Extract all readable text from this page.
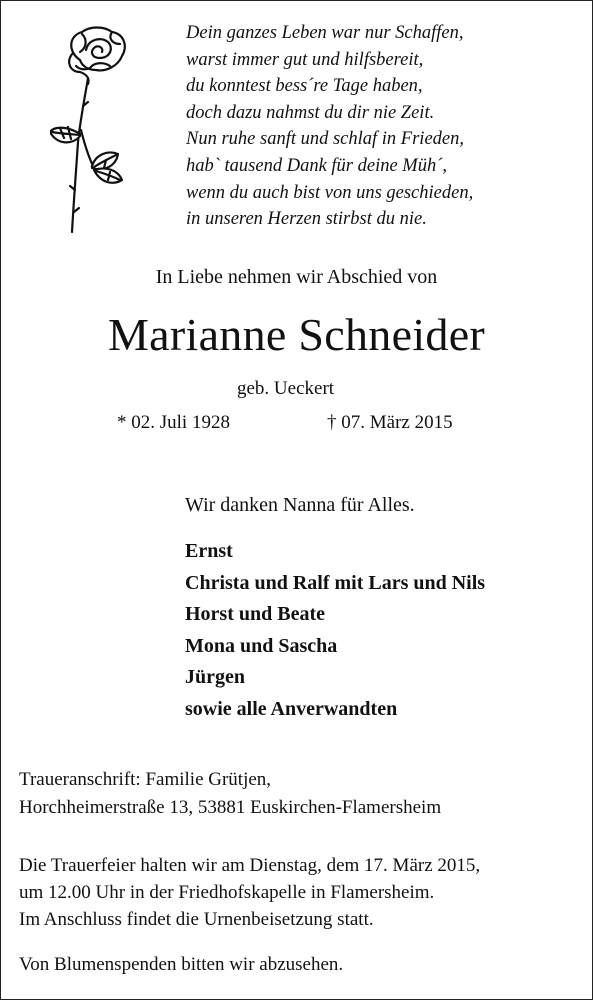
Dein ganzes Leben war nur Schaffen,
warst immer gut und hilfsbereit,
du konntest bess´re Tage haben,
doch dazu nahmst du dir nie Zeit.
Nun ruhe sanft und schlaf in Frieden,
hab` tausend Dank für deine Müh´,
wenn du auch bist von uns geschieden,
in unseren Herzen stirbst du nie.
In Liebe nehmen wir Abschied von
Marianne Schneider
geb. Ueckert
* 02. Juli 1928	† 07. März 2015
Wir danken Nanna für Alles.
Ernst
Christa und Ralf mit Lars und Nils
Horst und Beate
Mona und Sascha
Jürgen
sowie alle Anverwandten
Traueranschrift: Familie Grütjen,
Horchheimerstraße 13, 53881 Euskirchen-Flamersheim
Die Trauerfeier halten wir am Dienstag, dem 17. März 2015,
um 12.00 Uhr in der Friedhofskapelle in Flamersheim.
Im Anschluss findet die Urnenbeisetzung statt.
Von Blumenspenden bitten wir abzusehen.
